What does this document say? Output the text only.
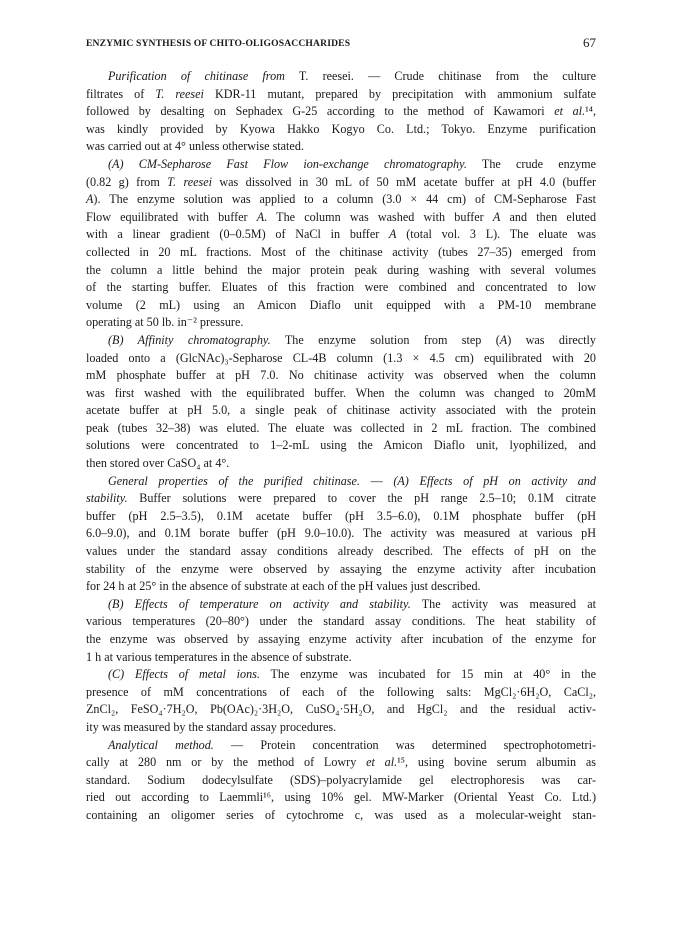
ENZYMIC SYNTHESIS OF CHITO-OLIGOSACCHARIDES	67
Purification of chitinase from T. reesei. — Crude chitinase from the culture
filtrates of T. reesei KDR-11 mutant, prepared by precipitation with ammonium sulfate
followed by desalting on Sephadex G-25 according to the method of Kawamori et al.¹⁴,
was kindly provided by Kyowa Hakko Kogyo Co. Ltd.; Tokyo. Enzyme purification
was carried out at 4° unless otherwise stated.
(A) CM-Sepharose Fast Flow ion-exchange chromatography. The crude enzyme
(0.82 g) from T. reesei was dissolved in 30 mL of 50 mM acetate buffer at pH 4.0 (buffer
A). The enzyme solution was applied to a column (3.0 × 44 cm) of CM-Sepharose Fast
Flow equilibrated with buffer A. The column was washed with buffer A and then eluted
with a linear gradient (0–0.5M) of NaCl in buffer A (total vol. 3 L). The eluate was
collected in 20 mL fractions. Most of the chitinase activity (tubes 27–35) emerged from
the column a little behind the major protein peak during washing with several volumes
of the starting buffer. Eluates of this fraction were combined and concentrated to low
volume (2 mL) using an Amicon Diaflo unit equipped with a PM-10 membrane
operating at 50 lb. in⁻² pressure.
(B) Affinity chromatography. The enzyme solution from step (A) was directly
loaded onto a (GlcNAc)₃-Sepharose CL-4B column (1.3 × 4.5 cm) equilibrated with 20
mM phosphate buffer at pH 7.0. No chitinase activity was observed when the column
was first washed with the equilibrated buffer. When the column was changed to 20mM
acetate buffer at pH 5.0, a single peak of chitinase activity associated with the protein
peak (tubes 32–38) was eluted. The eluate was collected in 2 mL fraction. The combined
solutions were concentrated to 1–2-mL using the Amicon Diaflo unit, lyophilized, and
then stored over CaSO₄ at 4°.
General properties of the purified chitinase. — (A) Effects of pH on activity and
stability. Buffer solutions were prepared to cover the pH range 2.5–10; 0.1M citrate
buffer (pH 2.5–3.5), 0.1M acetate buffer (pH 3.5–6.0), 0.1M phosphate buffer (pH
6.0–9.0), and 0.1M borate buffer (pH 9.0–10.0). The activity was measured at various pH
values under the standard assay conditions already described. The effects of pH on the
stability of the enzyme were observed by assaying the enzyme activity after incubation
for 24 h at 25° in the absence of substrate at each of the pH values just described.
(B) Effects of temperature on activity and stability. The activity was measured at
various temperatures (20–80°) under the standard assay conditions. The heat stability of
the enzyme was observed by assaying enzyme activity after incubation of the enzyme for
1 h at various temperatures in the absence of substrate.
(C) Effects of metal ions. The enzyme was incubated for 15 min at 40° in the
presence of mM concentrations of each of the following salts: MgCl₂·6H₂O, CaCl₂,
ZnCl₂, FeSO₄·7H₂O, Pb(OAc)₂·3H₂O, CuSO₄·5H₂O, and HgCl₂ and the residual activ-
ity was measured by the standard assay procedures.
Analytical method. — Protein concentration was determined spectrophotometri-
cally at 280 nm or by the method of Lowry et al.¹⁵, using bovine serum albumin as
standard. Sodium dodecylsulfate (SDS)–polyacrylamide gel electrophoresis was car-
ried out according to Laemmli¹⁶, using 10% gel. MW-Marker (Oriental Yeast Co. Ltd.)
containing an oligomer series of cytochrome c, was used as a molecular-weight stan-
